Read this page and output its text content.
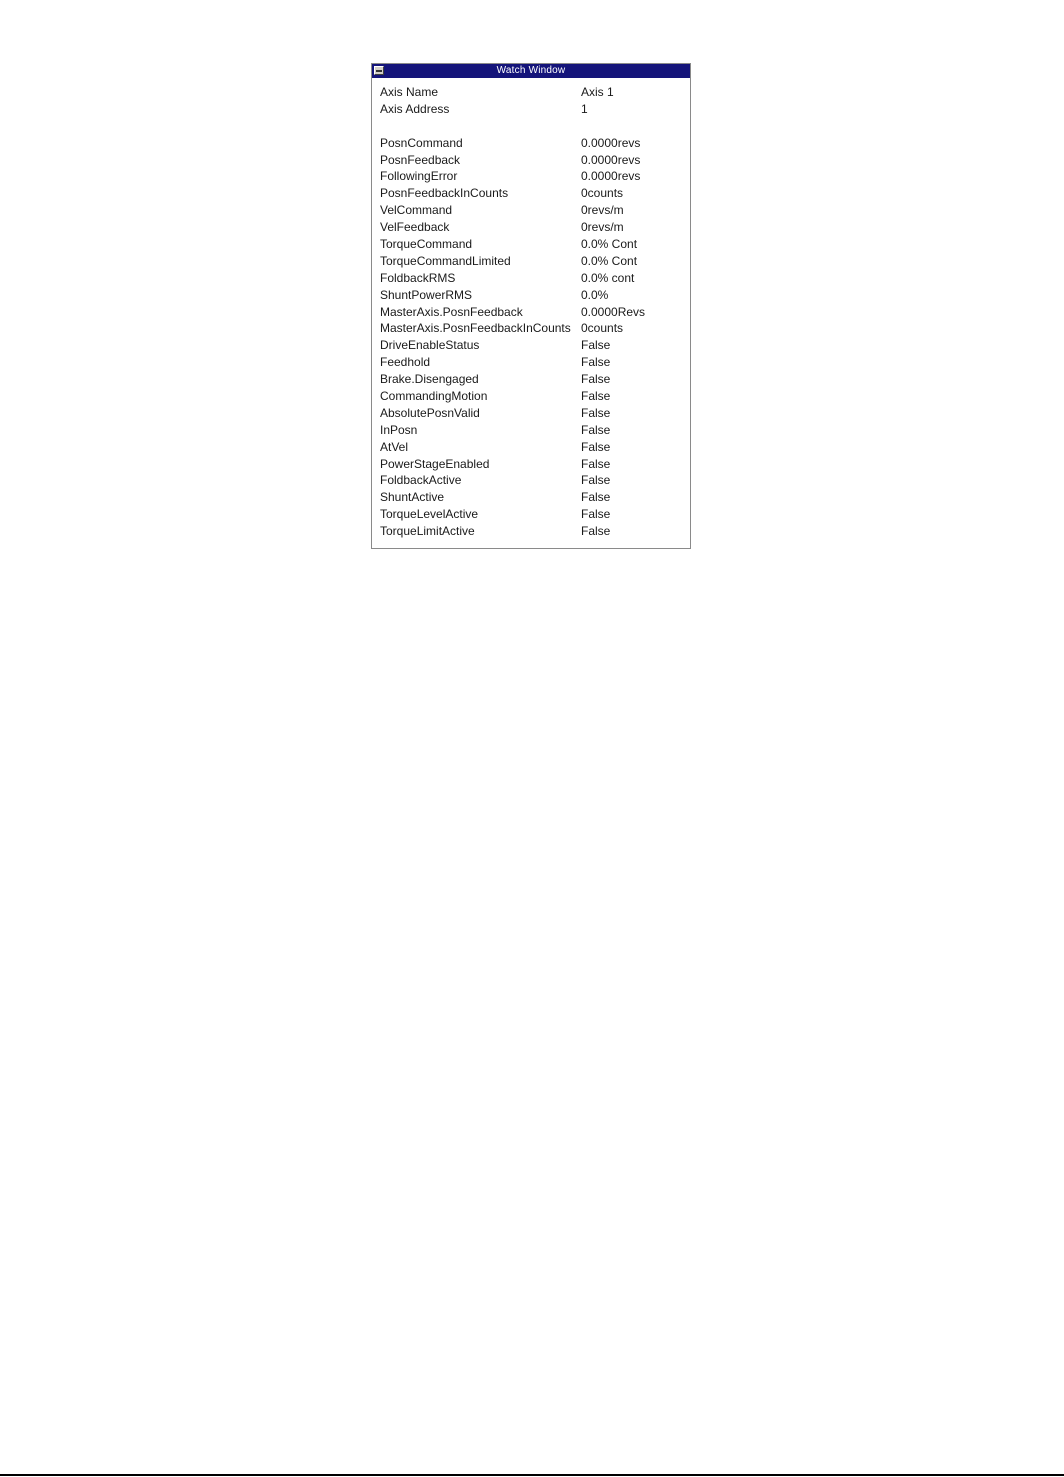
Watch Window
Axis Name	Axis 1
Axis Address	1
PosnCommand	0.0000revs
PosnFeedback	0.0000revs
FollowingError	0.0000revs
PosnFeedbackInCounts	0counts
VelCommand	0revs/m
VelFeedback	0revs/m
TorqueCommand	0.0% Cont
TorqueCommandLimited	0.0% Cont
FoldbackRMS	0.0% cont
ShuntPowerRMS	0.0%
MasterAxis.PosnFeedback	0.0000Revs
MasterAxis.PosnFeedbackInCounts 0counts
DriveEnableStatus	False
Feedhold	False
Brake.Disengaged	False
CommandingMotion	False
AbsolutePosnValid	False
InPosn	False
AtVel	False
PowerStageEnabled	False
FoldbackActive	False
ShuntActive	False
TorqueLevelActive	False
TorqueLimitActive	False
